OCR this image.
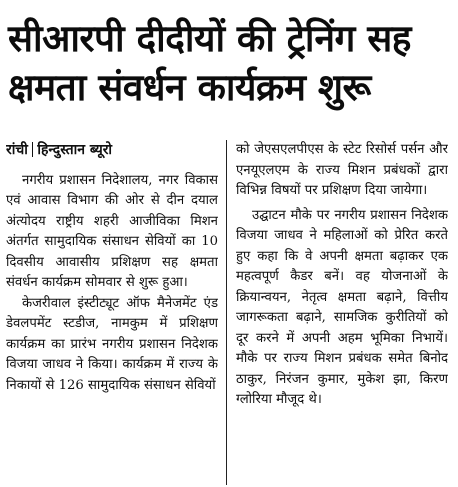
सीआरपी दीदीयों की ट्रेनिंग सह
क्षमता संवर्धन कार्यक्रम शुरू
रांची हिन्दुस्तान ब्यूरो

नगरीय प्रशासन निदेशालय, नगर विकास एवं आवास विभाग की ओर से दीन दयाल अंत्योदय राष्ट्रीय शहरी आजीविका मिशन अंतर्गत सामुदायिक संसाधन सेवियों का 10 दिवसीय आवासीय प्रशिक्षण सह क्षमता संवर्धन कार्यक्रम सोमवार से शुरू हुआ।

केजरीवाल इंस्टीट्यूट ऑफ मैनेजमेंट एंड डेवलपमेंट स्टडीज, नामकुम में प्रशिक्षण कार्यक्रम का प्रारंभ नगरीय प्रशासन निदेशक विजया जाधव ने किया। कार्यक्रम में राज्य के निकायों से 126 सामुदायिक संसाधन सेवियों

को जेएसएलपीएस के स्टेट रिसोर्स पर्सन और एनयूएलएम के राज्य मिशन प्रबंधकों द्वारा विभिन्न विषयों पर प्रशिक्षण दिया जायेगा।

उद्घाटन मौके पर नगरीय प्रशासन निदेशक विजया जाधव ने महिलाओं को प्रेरित करते हुए कहा कि वे अपनी क्षमता बढ़ाकर एक महत्वपूर्ण कैडर बनें। वह योजनाओं के क्रियान्वयन, नेतृत्व क्षमता बढ़ाने, वित्तीय जागरूकता बढ़ाने, सामजिक कुरीतियों को दूर करने में अपनी अहम भूमिका निभायें। मौके पर राज्य मिशन प्रबंधक समेत बिनोद ठाकुर, निरंजन कुमार, मुकेश झा, किरण ग्लोरिया मौजूद थे।
